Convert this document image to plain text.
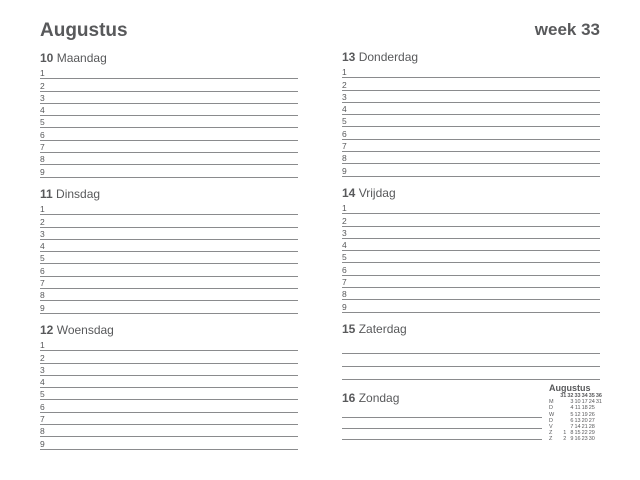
Augustus	week 33
10 Maandag
1
2
3
4
5
6
7
8
9
11 Dinsdag
1
2
3
4
5
6
7
8
9
12 Woensdag
1
2
3
4
5
6
7
8
9
13 Donderdag
1
2
3
4
5
6
7
8
9
14 Vrijdag
1
2
3
4
5
6
7
8
9
15 Zaterdag
16 Zondag
Augustus
	31	32	33	34	35	36
M		3	10	17	24	31
D		4	11	18	25	
W		5	12	19	26	
D		6	13	20	27	
V		7	14	21	28	
Z	1	8	15	22	29	
Z	2	9	16	23	30	
